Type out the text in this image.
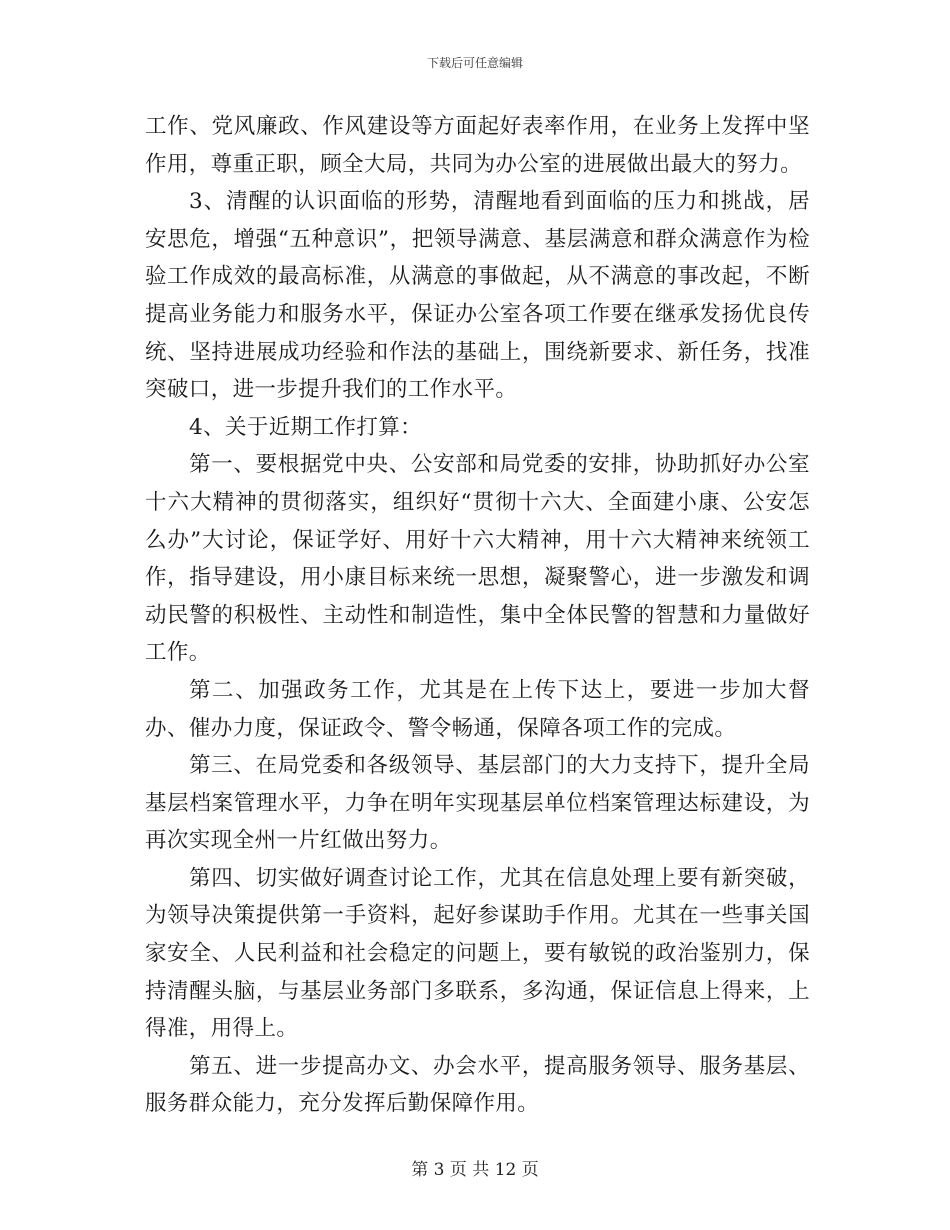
下载后可任意编辑

工作、党风廉政、作风建设等方面起好表率作用，在业务上发挥中坚作用，尊重正职，顾全大局，共同为办公室的进展做出最大的努力。

3、清醒的认识面临的形势，清醒地看到面临的压力和挑战，居安思危，增强“五种意识”，把领导满意、基层满意和群众满意作为检验工作成效的最高标准，从满意的事做起，从不满意的事改起，不断提高业务能力和服务水平，保证办公室各项工作要在继承发扬优良传统、坚持进展成功经验和作法的基础上，围绕新要求、新任务，找准突破口，进一步提升我们的工作水平。

4、关于近期工作打算：

第一、要根据党中央、公安部和局党委的安排，协助抓好办公室十六大精神的贯彻落实，组织好“贯彻十六大、全面建小康、公安怎么办”大讨论，保证学好、用好十六大精神，用十六大精神来统领工作，指导建设，用小康目标来统一思想，凝聚警心，进一步激发和调动民警的积极性、主动性和制造性，集中全体民警的智慧和力量做好工作。

第二、加强政务工作，尤其是在上传下达上，要进一步加大督办、催办力度，保证政令、警令畅通，保障各项工作的完成。

第三、在局党委和各级领导、基层部门的大力支持下，提升全局基层档案管理水平，力争在明年实现基层单位档案管理达标建设，为再次实现全州一片红做出努力。

第四、切实做好调查讨论工作，尤其在信息处理上要有新突破，为领导决策提供第一手资料，起好参谋助手作用。尤其在一些事关国家安全、人民利益和社会稳定的问题上，要有敏锐的政治鉴别力，保持清醒头脑，与基层业务部门多联系，多沟通，保证信息上得来，上得准，用得上。

第五、进一步提高办文、办会水平，提高服务领导、服务基层、服务群众能力，充分发挥后勤保障作用。

第 3 页 共 12 页
